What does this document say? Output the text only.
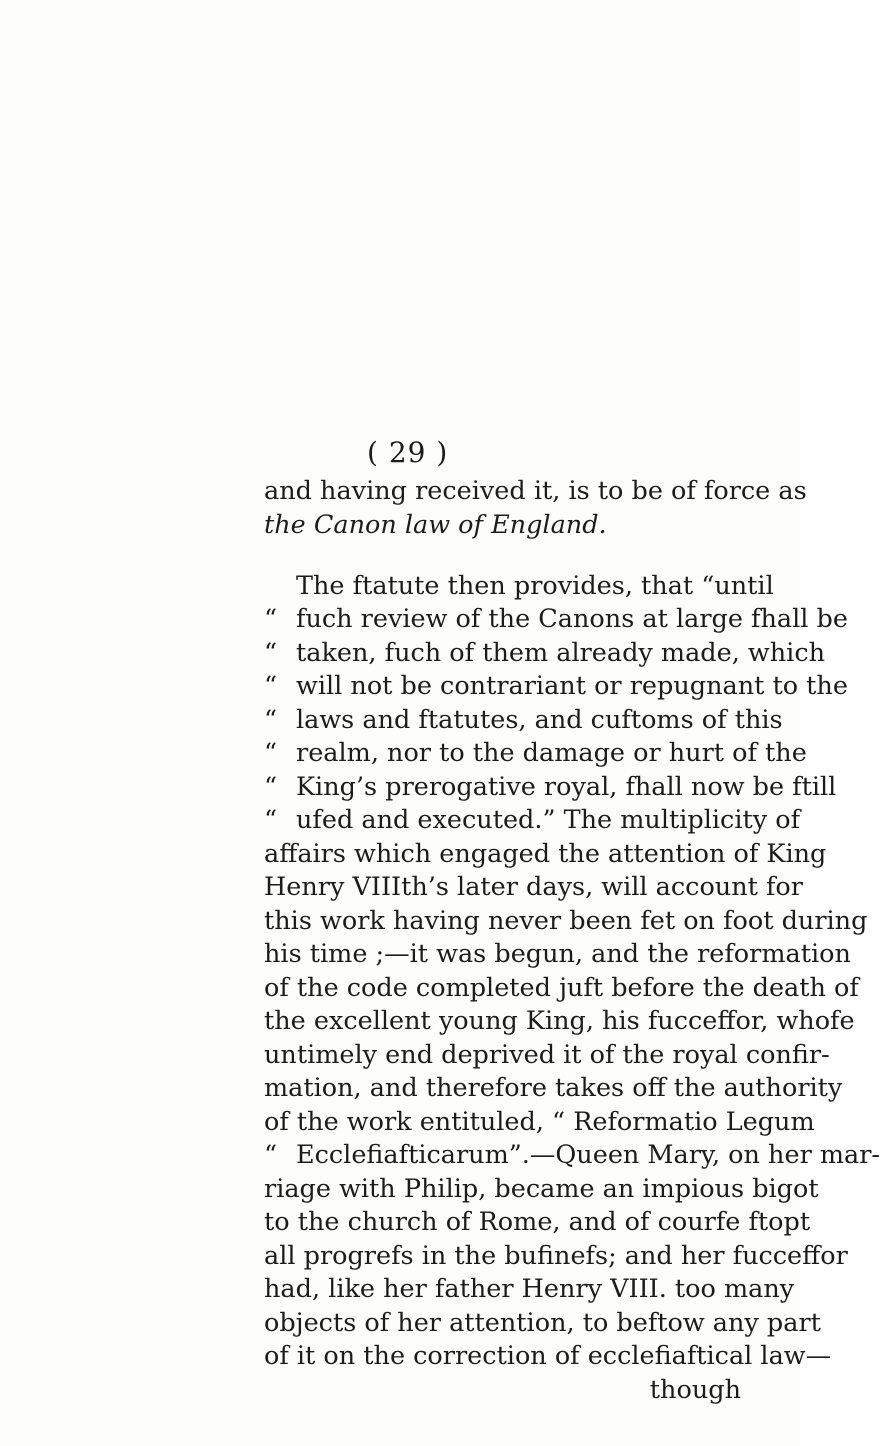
( 29 )
and having received it, is to be of force as
the Canon law of England.
The ftatute then provides, that “until
“ fuch review of the Canons at large fhall be
“ taken, fuch of them already made, which
“ will not be contrariant or repugnant to the
“ laws and ftatutes, and cuftoms of this
“ realm, nor to the damage or hurt of the
“ King’s prerogative royal, fhall now be ftill
“ ufed and executed.” The multiplicity of
affairs which engaged the attention of King
Henry VIIIth’s later days, will account for
this work having never been fet on foot during
his time ;—it was begun, and the reformation
of the code completed juft before the death of
the excellent young King, his fucceffor, whofe
untimely end deprived it of the royal confir-
mation, and therefore takes off the authority
of the work entituled, “ Reformatio Legum
“ Ecclefiafticarum”.—Queen Mary, on her mar-
riage with Philip, became an impious bigot
to the church of Rome, and of courfe ftopt
all progrefs in the bufinefs; and her fucceffor
had, like her father Henry VIII. too many
objects of her attention, to beftow any part
of it on the correction of ecclefiaftical law—
though
